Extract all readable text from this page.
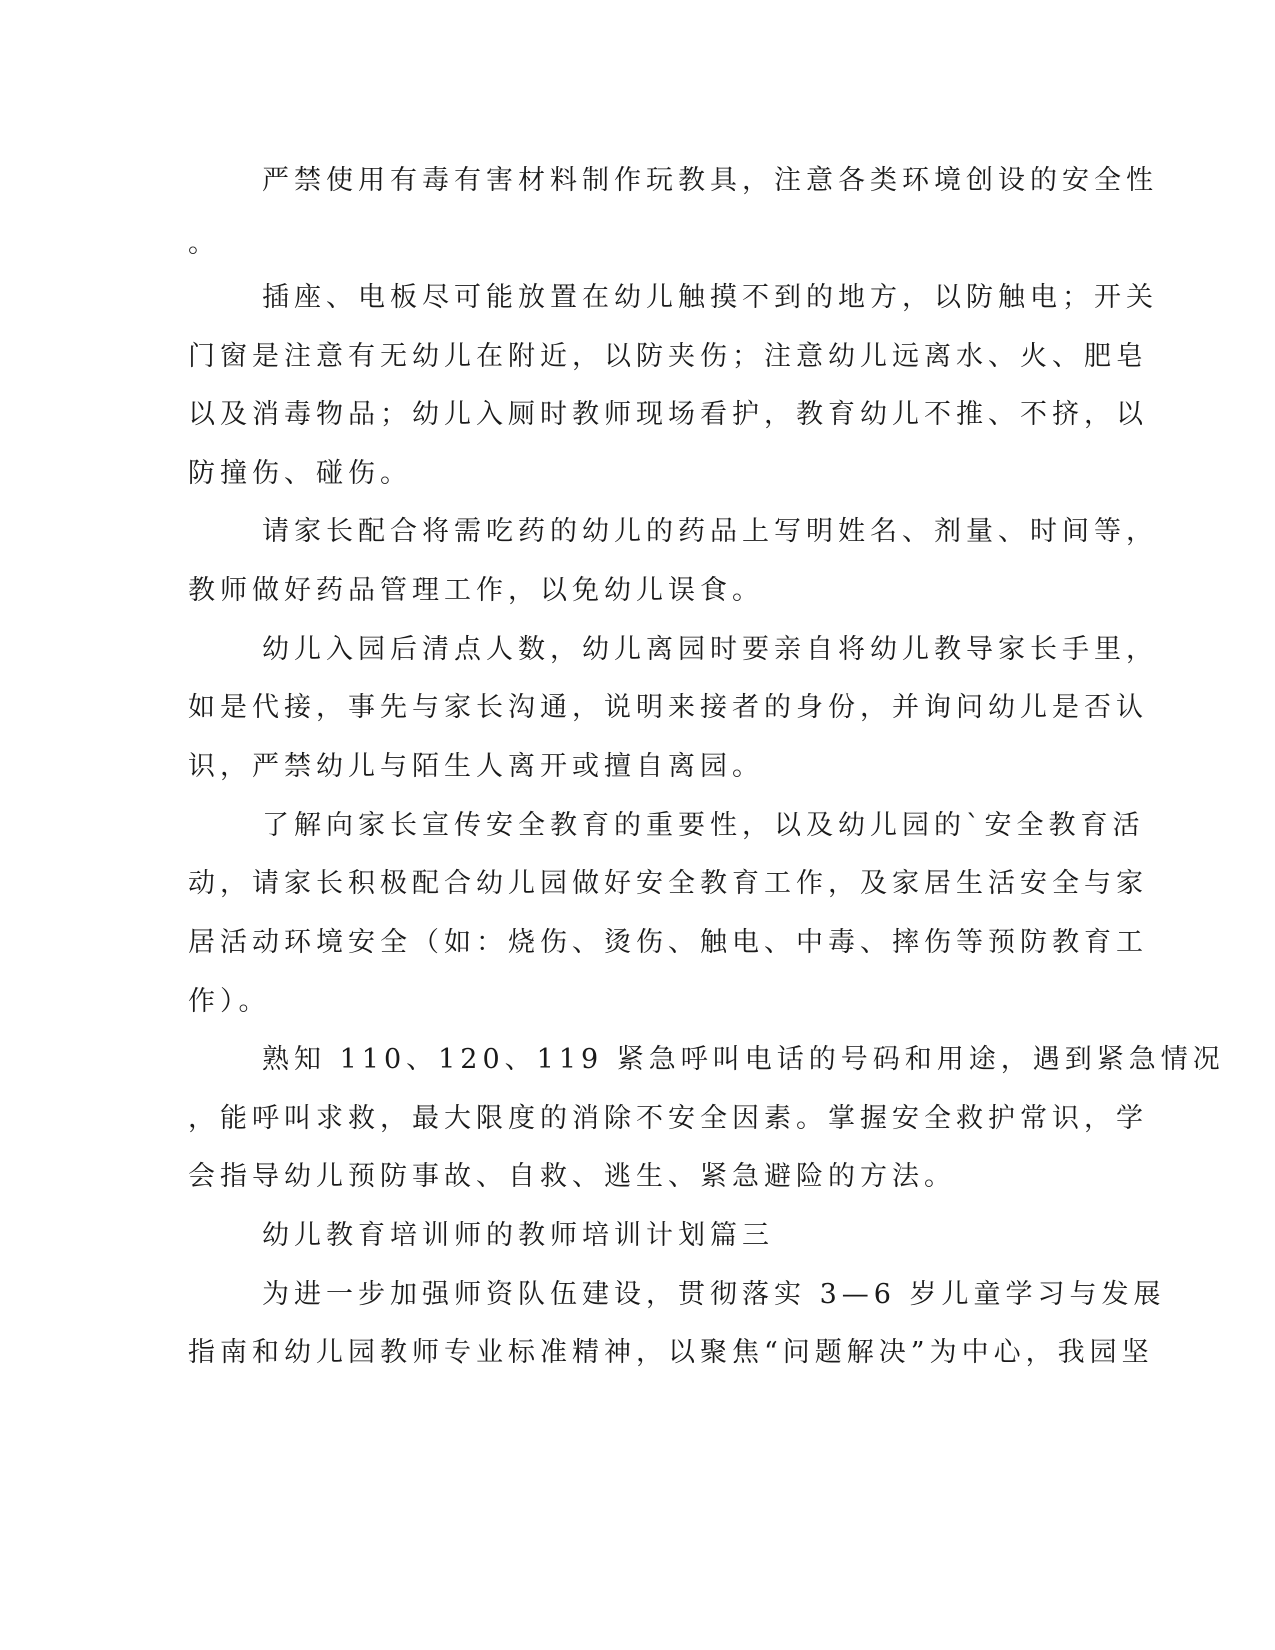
严禁使用有毒有害材料制作玩教具，注意各类环境创设的安全性
。
插座、电板尽可能放置在幼儿触摸不到的地方，以防触电；开关
门窗是注意有无幼儿在附近，以防夹伤；注意幼儿远离水、火、肥皂
以及消毒物品；幼儿入厕时教师现场看护，教育幼儿不推、不挤，以
防撞伤、碰伤。
请家长配合将需吃药的幼儿的药品上写明姓名、剂量、时间等，
教师做好药品管理工作，以免幼儿误食。
幼儿入园后清点人数，幼儿离园时要亲自将幼儿教导家长手里，
如是代接，事先与家长沟通，说明来接者的身份，并询问幼儿是否认
识，严禁幼儿与陌生人离开或擅自离园。
了解向家长宣传安全教育的重要性，以及幼儿园的`安全教育活
动，请家长积极配合幼儿园做好安全教育工作，及家居生活安全与家
居活动环境安全（如：烧伤、烫伤、触电、中毒、摔伤等预防教育工
作）。
熟知 110、120、119 紧急呼叫电话的号码和用途，遇到紧急情况
，能呼叫求救，最大限度的消除不安全因素。掌握安全救护常识，学
会指导幼儿预防事故、自救、逃生、紧急避险的方法。
幼儿教育培训师的教师培训计划篇三
为进一步加强师资队伍建设，贯彻落实 3—6 岁儿童学习与发展
指南和幼儿园教师专业标准精神，以聚焦“问题解决”为中心，我园坚
